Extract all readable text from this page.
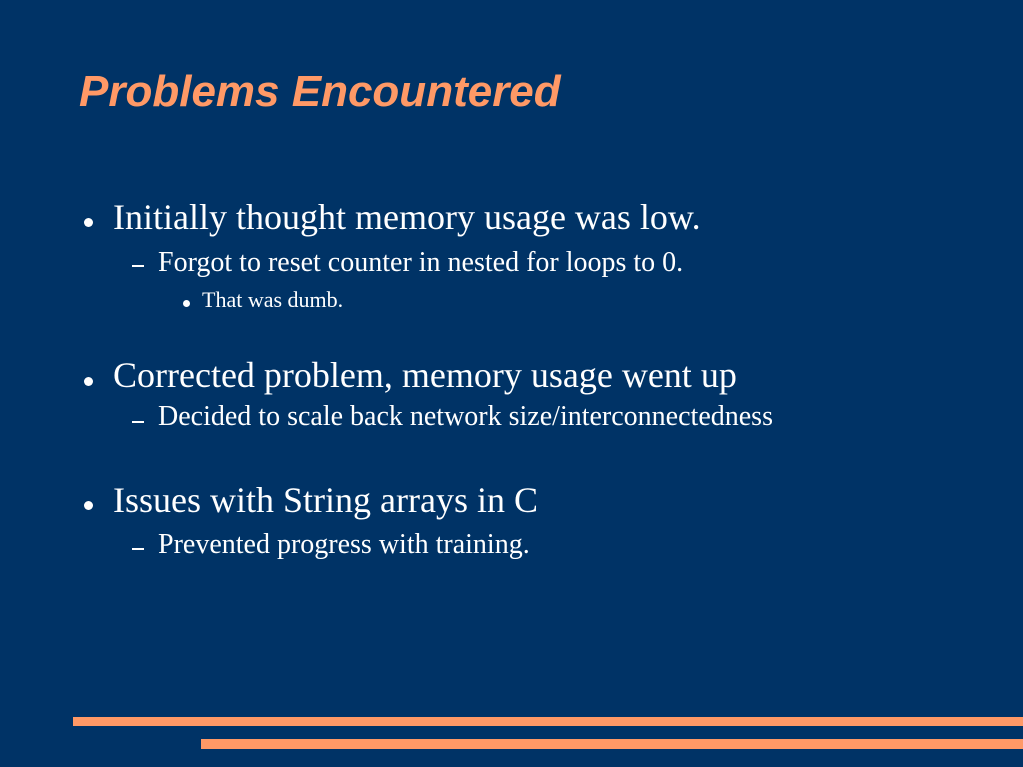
Problems Encountered
Initially thought memory usage was low.
Forgot to reset counter in nested for loops to 0.
That was dumb.
Corrected problem, memory usage went up
Decided to scale back network size/interconnectedness
Issues with String arrays in C
Prevented progress with training.
